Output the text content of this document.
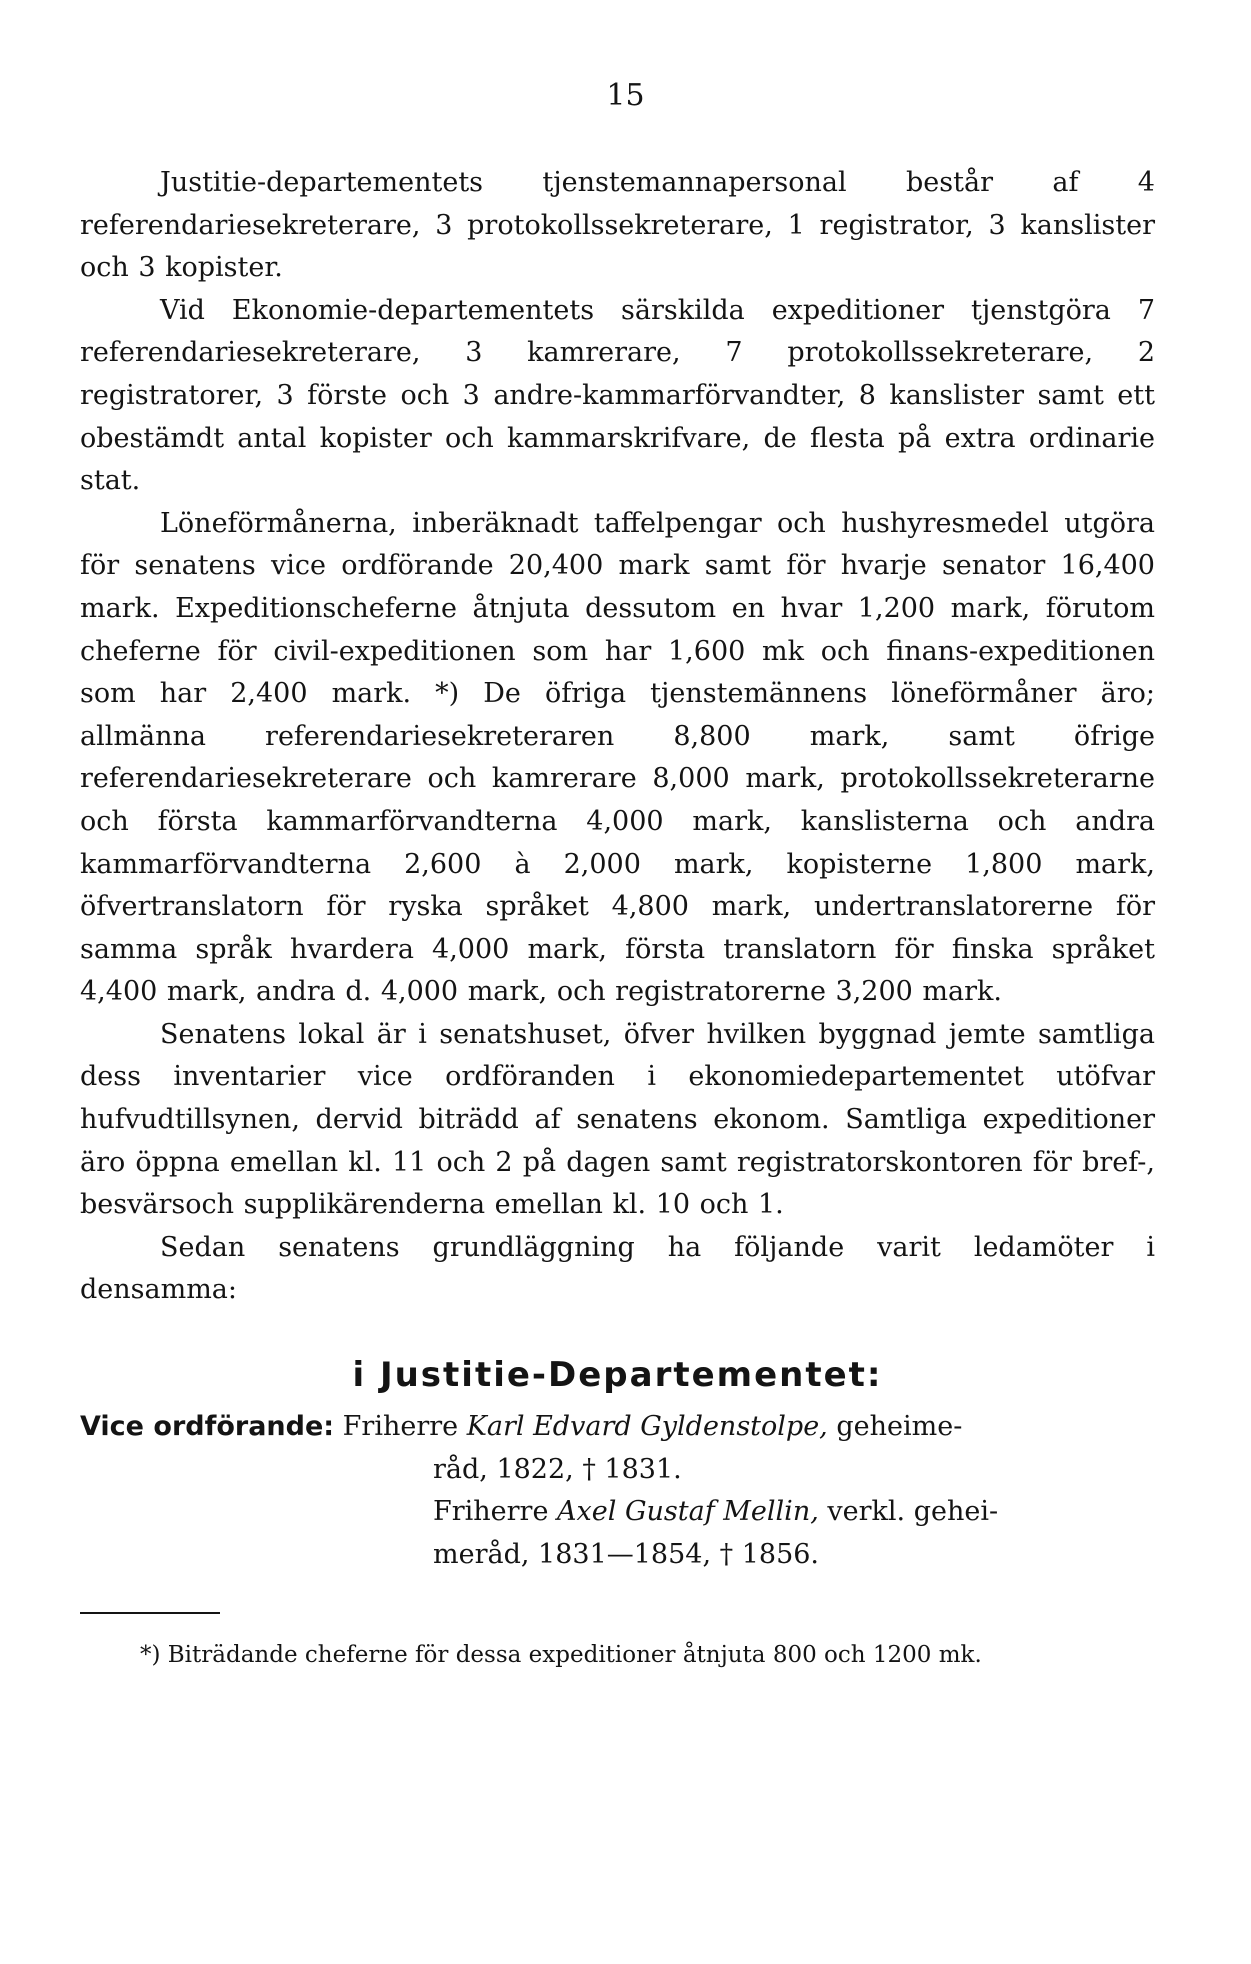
15

Justitie-departementets tjenstemannapersonal består af 4 referendariesekreterare, 3 protokollssekreterare, 1 registrator, 3 kanslister och 3 kopister.

Vid Ekonomie-departementets särskilda expeditioner tjenstgöra 7 referendariesekreterare, 3 kamrerare, 7 protokollssekreterare, 2 registratorer, 3 förste och 3 andre-kammarförvandter, 8 kanslister samt ett obestämdt antal kopister och kammarskrifvare, de flesta på extra ordinarie stat.

Löneförmånerna, inberäknadt taffelpengar och hushyresmedel utgöra för senatens vice ordförande 20,400 mark samt för hvarje senator 16,400 mark. Expeditionscheferne åtnjuta dessutom en hvar 1,200 mark, förutom cheferne för civil-expeditionen som har 1,600 mk och finans-expeditionen som har 2,400 mark. *) De öfriga tjenstemännens löneförmåner äro; allmänna referendariesekreteraren 8,800 mark, samt öfrige referendariesekreterare och kamrerare 8,000 mark, protokollssekreterarne och första kammarförvandterna 4,000 mark, kanslisterna och andra kammarförvandterna 2,600 à 2,000 mark, kopisterne 1,800 mark, öfvertranslatorn för ryska språket 4,800 mark, undertranslatorerne för samma språk hvardera 4,000 mark, första translatorn för finska språket 4,400 mark, andra d. 4,000 mark, och registratorerne 3,200 mark.

Senatens lokal är i senatshuset, öfver hvilken byggnad jemte samtliga dess inventarier vice ordföranden i ekonomiedepartementet utöfvar hufvudtillsynen, dervid biträdd af senatens ekonom. Samtliga expeditioner äro öppna emellan kl. 11 och 2 på dagen samt registratorskontoren för bref-, besvärsoch supplikärenderna emellan kl. 10 och 1.

Sedan senatens grundläggning ha följande varit ledamöter i densamma:

i Justitie-Departementet:
Vice ordförande: Friherre Karl Edvard Gyldenstolpe, geheime-
råd, 1822, † 1831.
Friherre Axel Gustaf Mellin, verkl. gehei-
meråd, 1831—1854, † 1856.

*) Biträdande cheferne för dessa expeditioner åtnjuta 800 och 1200 mk.
